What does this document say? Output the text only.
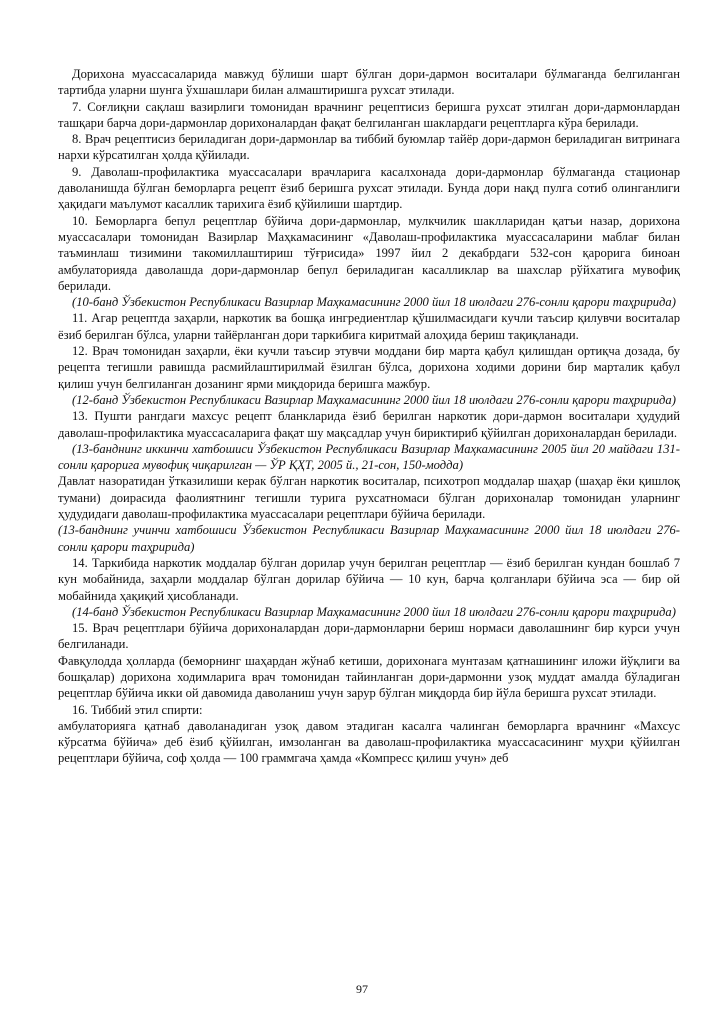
Дорихона муассасаларида мавжуд бўлиши шарт бўлган дори-дармон воситалари бўлмаганда белгиланган тартибда уларни шунга ўхшашлари билан алмаштиришга рухсат этилади.

7. Соғлиқни сақлаш вазирлиги томонидан врачнинг рецептисиз беришга рухсат этилган дори-дармонлардан ташқари барча дори-дармонлар дорихоналардан фақат белгиланган шаклардаги рецептларга кўра берилади.

8. Врач рецептисиз бериладиган дори-дармонлар ва тиббий буюмлар тайёр дори-дармон бериладиган витринага нархи кўрсатилган ҳолда қўйилади.

9. Даволаш-профилактика муассасалари врачларига касалхонада дори-дармонлар бўлмаганда стационар даволанишда бўлган беморларга рецепт ёзиб беришга рухсат этилади. Бунда дори нақд пулга сотиб олинганлиги ҳақидаги маълумот касаллик тарихига ёзиб қўйилиши шартдир.

10. Беморларга бепул рецептлар бўйича дори-дармонлар, мулкчилик шаклларидан қатъи назар, дорихона муассасалари томонидан Вазирлар Маҳкамасининг «Даволаш-профилактика муассасаларини маблағ билан таъминлаш тизимини такомиллаштириш тўғрисида» 1997 йил 2 декабрдаги 532-сон қарорига биноан амбулаторияда даволашда дори-дармонлар бепул бериладиган касалликлар ва шахслар рўйхатига мувофиқ берилади.

(10-банд Ўзбекистон Республикаси Вазирлар Маҳкамасининг 2000 йил 18 июлдаги 276-сонли қарори таҳририда)

11. Агар рецептда заҳарли, наркотик ва бошқа ингредиентлар қўшилмасидаги кучли таъсир қилувчи воситалар ёзиб берилган бўлса, уларни тайёрланган дори таркибига киритмай алоҳида бериш тақиқланади.

12. Врач томонидан заҳарли, ёки кучли таъсир этувчи моддани бир марта қабул қилишдан ортиқча дозада, бу рецепта тегишли равишда расмийлаштирилмай ёзилган бўлса, дорихона ходими дорини бир марталик қабул қилиш учун белгиланган дозанинг ярми миқдорида беришга мажбур.

(12-банд Ўзбекистон Республикаси Вазирлар Маҳкамасининг 2000 йил 18 июлдаги 276-сонли қарори таҳририда)

13. Пушти рангдаги махсус рецепт бланкларида ёзиб берилган наркотик дори-дармон воситалари ҳудудий даволаш-профилактика муассасаларига фақат шу мақсадлар учун бириктириб қўйилган дорихоналардан берилади.

(13-банднинг иккинчи хатбошиси Ўзбекистон Республикаси Вазирлар Маҳкамасининг 2005 йил 20 майдаги 131-сонли қарорига мувофиқ чиқарилган — ЎР ҚҲТ, 2005 й., 21-сон, 150-модда)

Давлат назоратидан ўтказилиши керак бўлган наркотик воситалар, психотроп моддалар шаҳар (шаҳар ёки қишлоқ тумани) доирасида фаолиятнинг тегишли турига рухсатномаси бўлган дорихоналар томонидан уларнинг ҳудудидаги даволаш-профилактика муассасалари рецептлари бўйича берилади.

(13-банднинг учинчи хатбошиси Ўзбекистон Республикаси Вазирлар Маҳкамасининг 2000 йил 18 июлдаги 276-сонли қарори таҳририда)

14. Таркибида наркотик моддалар бўлган дорилар учун берилган рецептлар — ёзиб берилган кундан бошлаб 7 кун мобайнида, заҳарли моддалар бўлган дорилар бўйича — 10 кун, барча қолганлари бўйича эса — бир ой мобайнида ҳақиқий ҳисобланади.

(14-банд Ўзбекистон Республикаси Вазирлар Маҳкамасининг 2000 йил 18 июлдаги 276-сонли қарори таҳририда)

15. Врач рецептлари бўйича дорихоналардан дори-дармонларни бериш нормаси даволашнинг бир курси учун белгиланади.

Фавқулодда ҳолларда (беморнинг шаҳардан жўнаб кетиши, дорихонага мунтазам қатнашининг иложи йўқлиги ва бошқалар) дорихона ходимларига врач томонидан тайинланган дори-дармонни узоқ муддат амалда бўладиган рецептлар бўйича икки ой давомида даволаниш учун зарур бўлган миқдорда бир йўла беришга рухсат этилади.

16. Тиббий этил спирти:

амбулаторияга қатнаб даволанадиган узоқ давом этадиган касалга чалинган беморларга врачнинг «Махсус кўрсатма бўйича» деб ёзиб қўйилган, имзоланган ва даволаш-профилактика муассасасининг муҳри қўйилган рецептлари бўйича, соф ҳолда — 100 граммгача ҳамда «Компресс қилиш учун» деб

97
